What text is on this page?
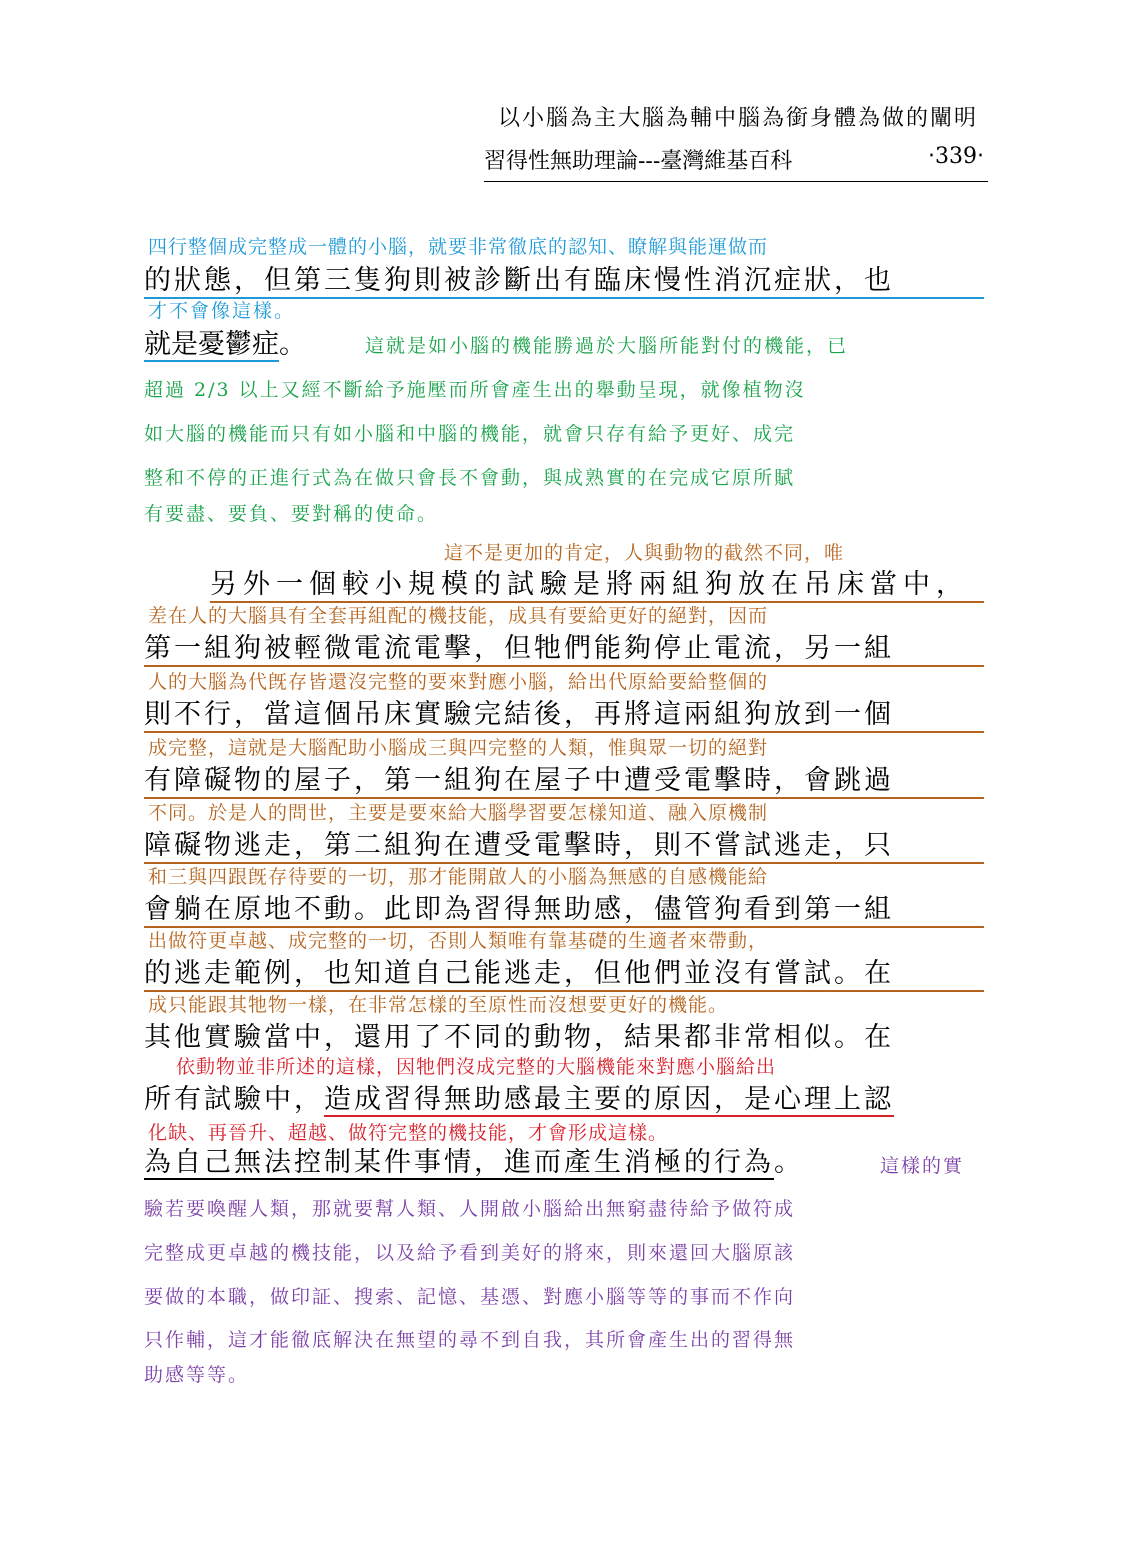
以小腦為主大腦為輔中腦為銜身體為做的闡明
習得性無助理論---臺灣維基百科	‧339‧
四行整個成完整成一體的小腦，就要非常徹底的認知、瞭解與能運做而
的狀態，但第三隻狗則被診斷出有臨床慢性消沉症狀，也
才不會像這樣。
就是憂鬱症。	這就是如小腦的機能勝過於大腦所能對付的機能，已
超過 2/3 以上又經不斷給予施壓而所會產生出的舉動呈現，就像植物沒
如大腦的機能而只有如小腦和中腦的機能，就會只存有給予更好、成完
整和不停的正進行式為在做只會長不會動，與成熟實的在完成它原所賦
有要盡、要負、要對稱的使命。
這不是更加的肯定，人與動物的截然不同，唯
另外一個較小規模的試驗是將兩組狗放在吊床當中，
差在人的大腦具有全套再組配的機技能，成具有要給更好的絕對，因而
第一組狗被輕微電流電擊，但牠們能夠停止電流，另一組
人的大腦為代旣存皆還沒完整的要來對應小腦，給出代原給要給整個的
則不行，當這個吊床實驗完結後，再將這兩組狗放到一個
成完整，這就是大腦配助小腦成三與四完整的人類，惟與眾一切的絕對
有障礙物的屋子，第一組狗在屋子中遭受電擊時，會跳過
不同。於是人的問世，主要是要來給大腦學習要怎樣知道、融入原機制
障礙物逃走，第二組狗在遭受電擊時，則不嘗試逃走，只
和三與四跟旣存待要的一切，那才能開啟人的小腦為無感的自感機能給
會躺在原地不動。此即為習得無助感，儘管狗看到第一組
出做符更卓越、成完整的一切，否則人類唯有靠基礎的生適者來帶動，
的逃走範例，也知道自己能逃走，但他們並沒有嘗試。在
成只能跟其牠物一樣，在非常怎樣的至原性而沒想要更好的機能。
其他實驗當中，還用了不同的動物，結果都非常相似。在
依動物並非所述的這樣，因牠們沒成完整的大腦機能來對應小腦給出
所有試驗中，造成習得無助感最主要的原因，是心理上認
化缺、再晉升、超越、做符完整的機技能，才會形成這樣。
為自己無法控制某件事情，進而產生消極的行為。	這樣的實
驗若要喚醒人類，那就要幫人類、人開啟小腦給出無窮盡待給予做符成
完整成更卓越的機技能，以及給予看到美好的將來，則來還回大腦原該
要做的本職，做印証、搜索、記憶、基憑、對應小腦等等的事而不作向
只作輔，這才能徹底解決在無望的尋不到自我，其所會產生出的習得無
助感等等。
